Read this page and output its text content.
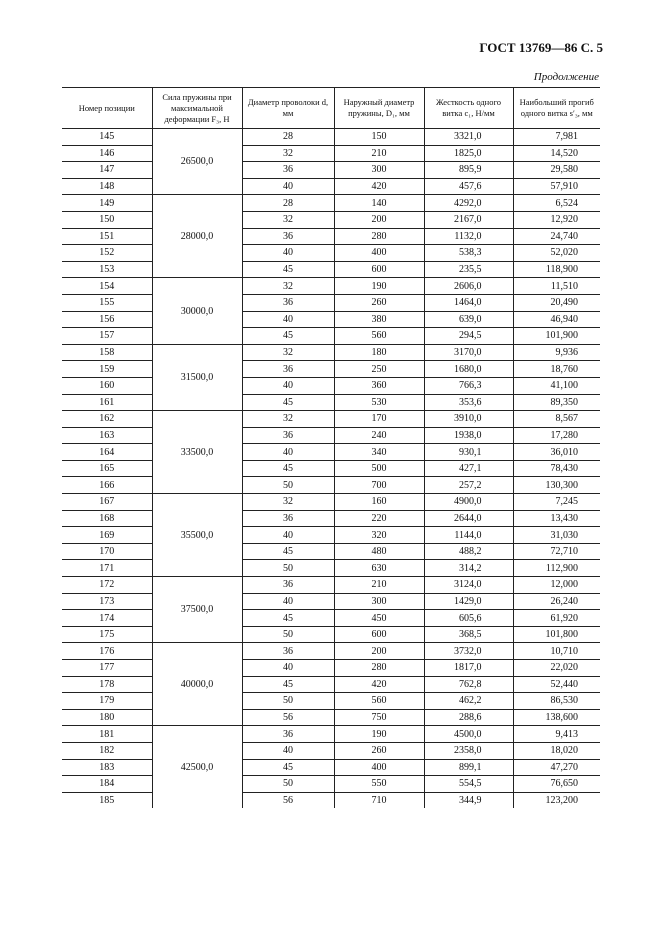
ГОСТ 13769—86 С. 5
Продолжение
Номер позиции	Сила пружины при максимальной деформации F₃, Н	Диаметр проволоки d, мм	Наружный диаметр пружины, D₁, мм	Жесткость одного витка c₁, Н/мм	Наибольший прогиб одного витка s′₃, мм
145	26500,0	28	150	3321,0	7,981
146		32	210	1825,0	14,520
147		36	300	895,9	29,580
148		40	420	457,6	57,910
149	28000,0	28	140	4292,0	6,524
150		32	200	2167,0	12,920
151		36	280	1132,0	24,740
152		40	400	538,3	52,020
153		45	600	235,5	118,900
154	30000,0	32	190	2606,0	11,510
155		36	260	1464,0	20,490
156		40	380	639,0	46,940
157		45	560	294,5	101,900
158	31500,0	32	180	3170,0	9,936
159		36	250	1680,0	18,760
160		40	360	766,3	41,100
161		45	530	353,6	89,350
162	33500,0	32	170	3910,0	8,567
163		36	240	1938,0	17,280
164		40	340	930,1	36,010
165		45	500	427,1	78,430
166		50	700	257,2	130,300
167	35500,0	32	160	4900,0	7,245
168		36	220	2644,0	13,430
169		40	320	1144,0	31,030
170		45	480	488,2	72,710
171		50	630	314,2	112,900
172	37500,0	36	210	3124,0	12,000
173		40	300	1429,0	26,240
174		45	450	605,6	61,920
175		50	600	368,5	101,800
176	40000,0	36	200	3732,0	10,710
177		40	280	1817,0	22,020
178		45	420	762,8	52,440
179		50	560	462,2	86,530
180		56	750	288,6	138,600
181	42500,0	36	190	4500,0	9,413
182		40	260	2358,0	18,020
183		45	400	899,1	47,270
184		50	550	554,5	76,650
185		56	710	344,9	123,200
